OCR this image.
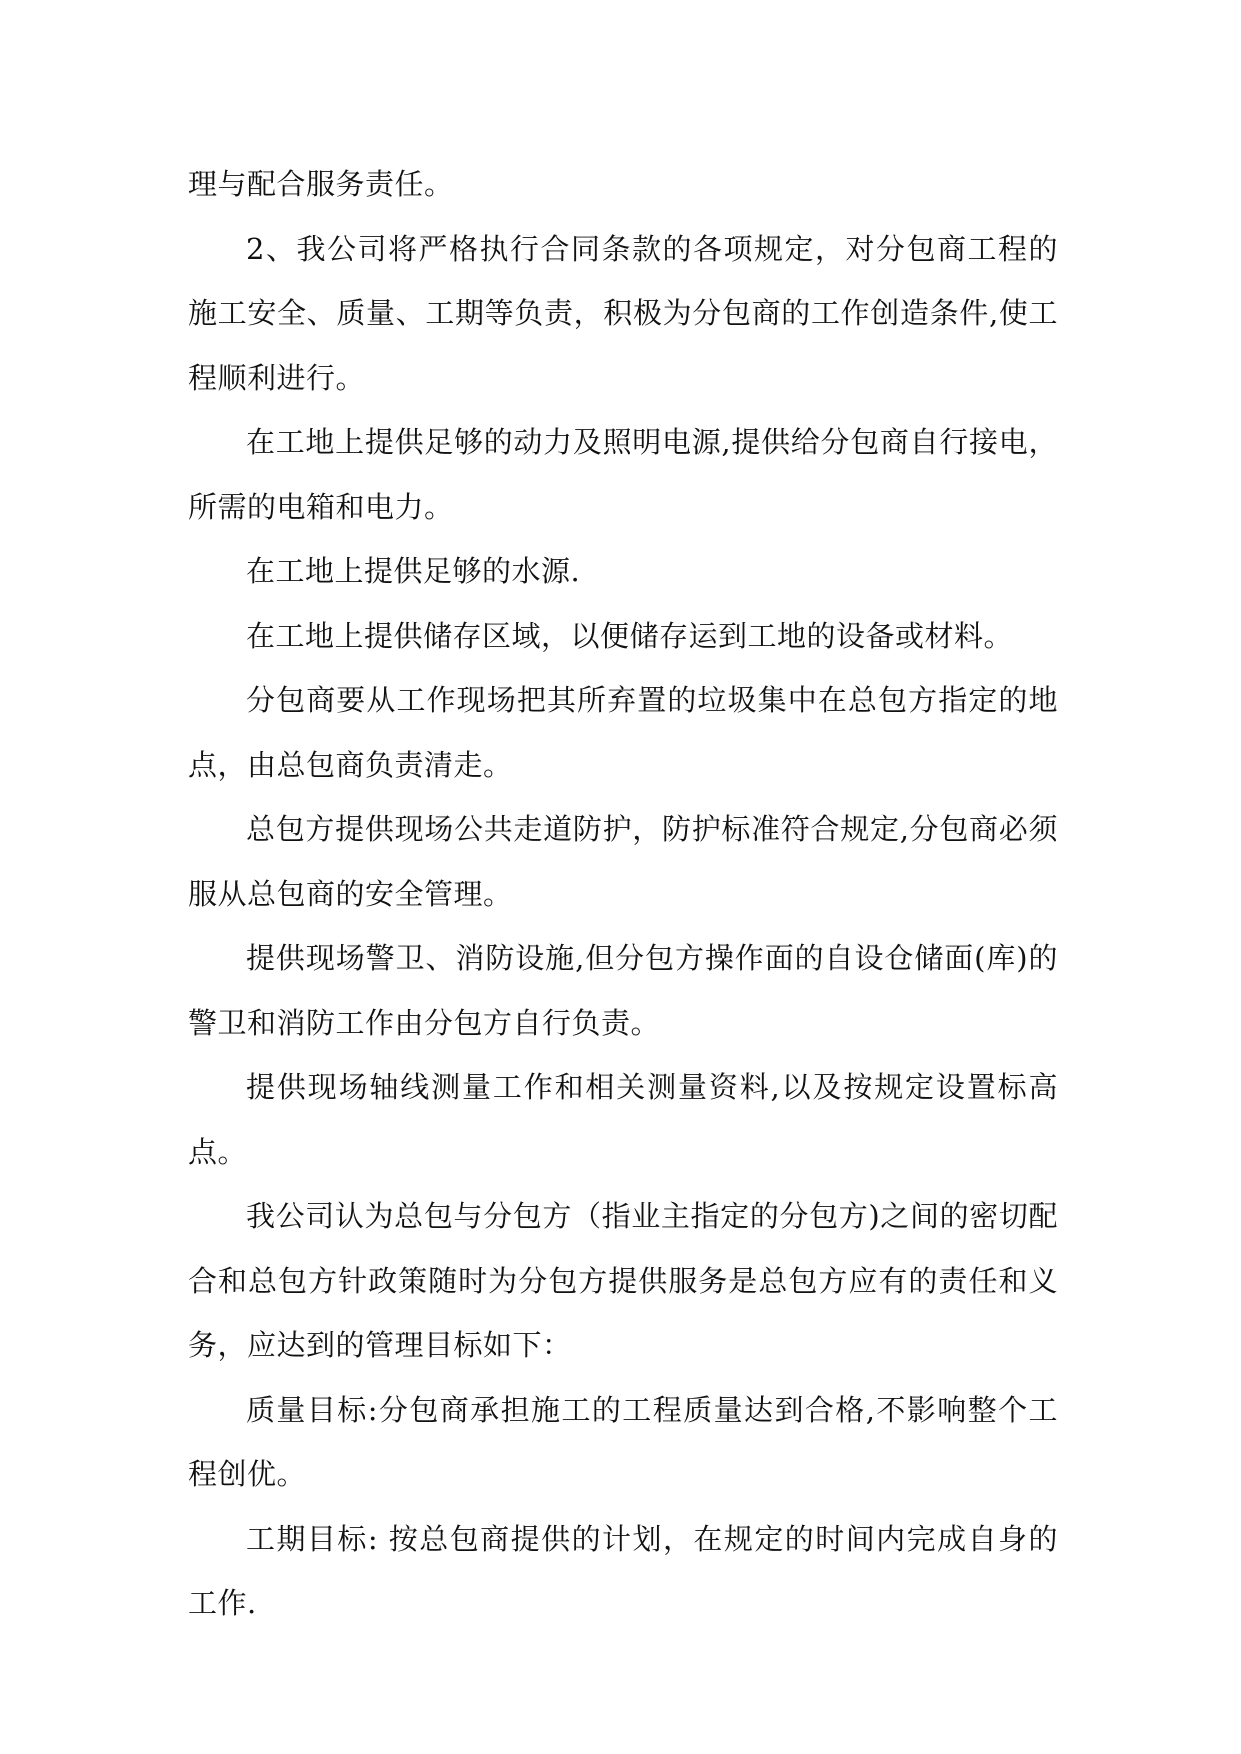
理与配合服务责任。

2、我公司将严格执行合同条款的各项规定，对分包商工程的施工安全、质量、工期等负责，积极为分包商的工作创造条件,使工程顺利进行。

在工地上提供足够的动力及照明电源,提供给分包商自行接电，所需的电箱和电力。

在工地上提供足够的水源.

在工地上提供储存区域，以便储存运到工地的设备或材料。

分包商要从工作现场把其所弃置的垃圾集中在总包方指定的地点，由总包商负责清走。

总包方提供现场公共走道防护，防护标准符合规定,分包商必须服从总包商的安全管理。

提供现场警卫、消防设施,但分包方操作面的自设仓储面(库)的警卫和消防工作由分包方自行负责。

提供现场轴线测量工作和相关测量资料,以及按规定设置标高点。

我公司认为总包与分包方（指业主指定的分包方)之间的密切配合和总包方针政策随时为分包方提供服务是总包方应有的责任和义务，应达到的管理目标如下：

质量目标:分包商承担施工的工程质量达到合格,不影响整个工程创优。

工期目标: 按总包商提供的计划，在规定的时间内完成自身的工作.
